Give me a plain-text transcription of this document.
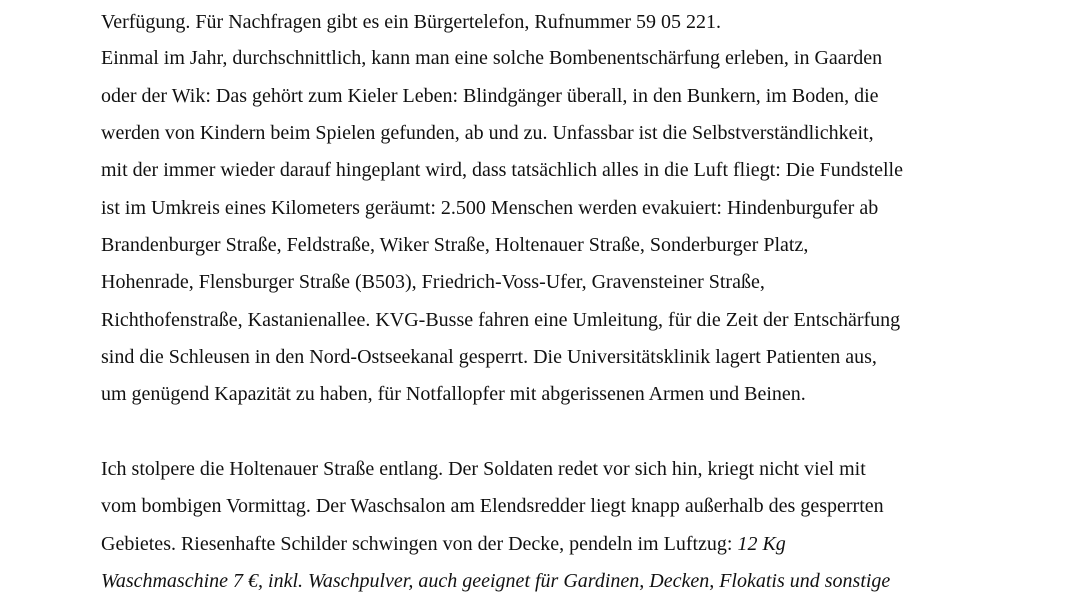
Verfügung. Für Nachfragen gibt es ein Bürgertelefon, Rufnummer 59 05 221.
Einmal im Jahr, durchschnittlich, kann man eine solche Bombenentschärfung erleben, in Gaarden
oder der Wik: Das gehört zum Kieler Leben: Blindgänger überall, in den Bunkern, im Boden, die
werden von Kindern beim Spielen gefunden, ab und zu. Unfassbar ist die Selbstverständlichkeit,
mit der immer wieder darauf hingeplant wird, dass tatsächlich alles in die Luft fliegt: Die Fundstelle
ist im Umkreis eines Kilometers geräumt: 2.500 Menschen werden evakuiert: Hindenburgufer ab
Brandenburger Straße, Feldstraße, Wiker Straße, Holtenauer Straße, Sonderburger Platz,
Hohenrade, Flensburger Straße (B503), Friedrich-Voss-Ufer, Gravensteiner Straße,
Richthofenstraße, Kastanienallee. KVG-Busse fahren eine Umleitung, für die Zeit der Entschärfung
sind die Schleusen in den Nord-Ostseekanal gesperrt. Die Universitätsklinik lagert Patienten aus,
um genügend Kapazität zu haben, für Notfallopfer mit abgerissenen Armen und Beinen.
Ich stolpere die Holtenauer Straße entlang. Der Soldaten redet vor sich hin, kriegt nicht viel mit
vom bombigen Vormittag. Der Waschsalon am Elendsredder liegt knapp außerhalb des gesperrten
Gebietes. Riesenhafte Schilder schwingen von der Decke, pendeln im Luftzug: 12 Kg
Waschmaschine 7 €, inkl. Waschpulver, auch geeignet für Gardinen, Decken, Flokatis und sonstige
